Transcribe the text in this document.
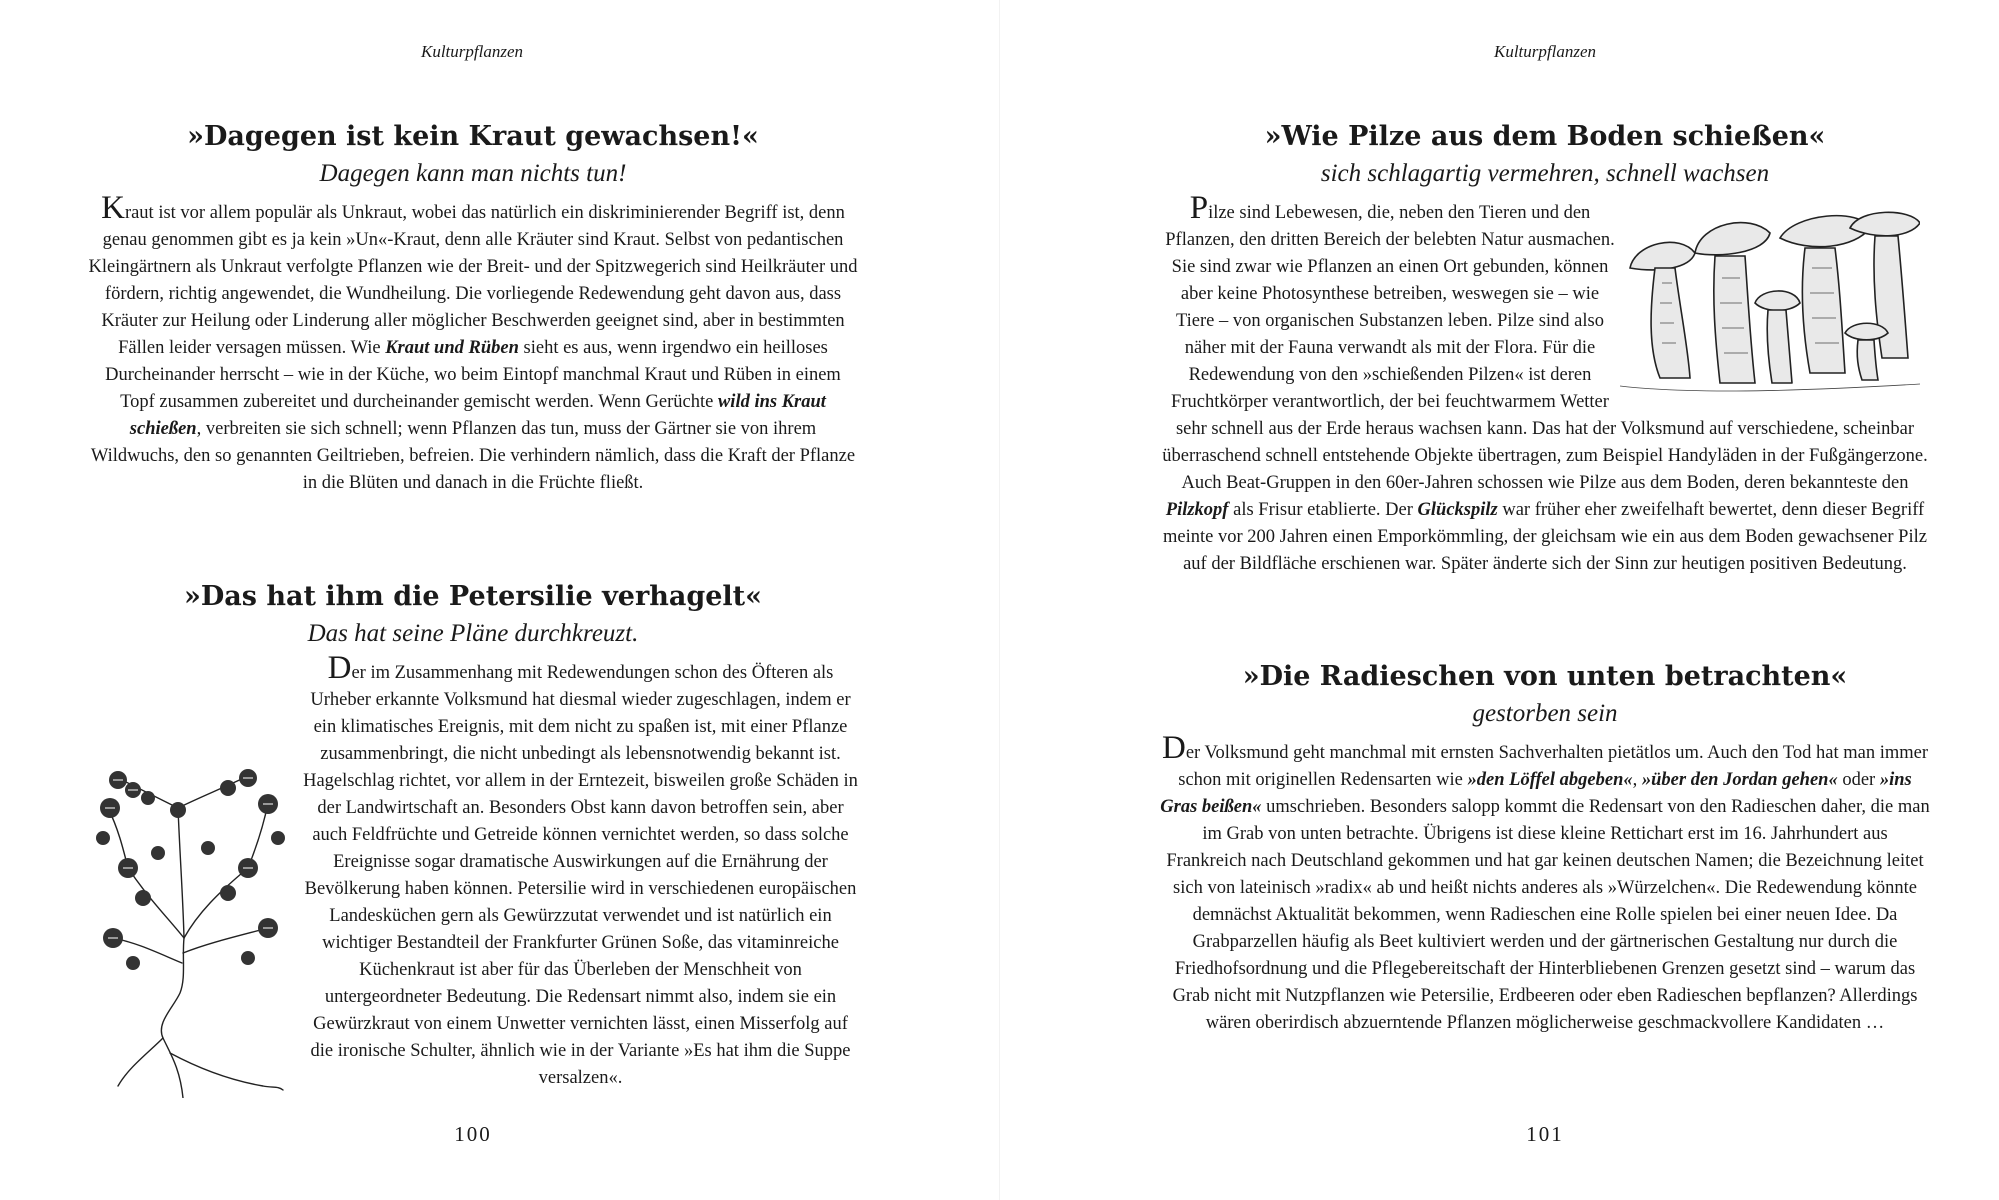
Kulturpflanzen
»Dagegen ist kein Kraut gewachsen!«
Dagegen kann man nichts tun!

Kraut ist vor allem populär als Unkraut, wobei das natürlich ein diskriminierender Begriff ist, denn genau genommen gibt es ja kein »Un«-Kraut, denn alle Kräuter sind Kraut. Selbst von pedantischen Kleingärtnern als Unkraut verfolgte Pflanzen wie der Breit- und der Spitzwegerich sind Heilkräuter und fördern, richtig angewendet, die Wundheilung. Die vorliegende Redewendung geht davon aus, dass Kräuter zur Heilung oder Linderung aller möglicher Beschwerden geeignet sind, aber in bestimmten Fällen leider versagen müssen. Wie Kraut und Rüben sieht es aus, wenn irgendwo ein heilloses Durcheinander herrscht – wie in der Küche, wo beim Eintopf manchmal Kraut und Rüben in einem Topf zusammen zubereitet und durcheinander gemischt werden. Wenn Gerüchte wild ins Kraut schießen, verbreiten sie sich schnell; wenn Pflanzen das tun, muss der Gärtner sie von ihrem Wildwuchs, den so genannten Geiltrieben, befreien. Die verhindern nämlich, dass die Kraft der Pflanze in die Blüten und danach in die Früchte fließt.

»Das hat ihm die Petersilie verhagelt«
Das hat seine Pläne durchkreuzt.
Der im Zusammenhang mit Redewendungen schon des Öfteren als Urheber erkannte Volksmund hat diesmal wieder zugeschlagen, indem er ein klimatisches Ereignis, mit dem nicht zu spaßen ist, mit einer Pflanze zusammenbringt, die nicht unbedingt als lebensnotwendig bekannt ist. Hagelschlag richtet, vor allem in der Erntezeit, bisweilen große Schäden in der Landwirtschaft an. Besonders Obst kann davon betroffen sein, aber auch Feldfrüchte und Getreide können vernichtet werden, so dass solche Ereignisse sogar dramatische Auswirkungen auf die Ernährung der Bevölkerung haben können. Petersilie wird in verschiedenen europäischen Landesküchen gern als Gewürzzutat verwendet und ist natürlich ein wichtiger Bestandteil der Frankfurter Grünen Soße, das vitaminreiche Küchenkraut ist aber für das Überleben der Menschheit von untergeordneter Bedeutung. Die Redensart nimmt also, indem sie ein Gewürzkraut von einem Unwetter vernichten lässt, einen Misserfolg auf die ironische Schulter, ähnlich wie in der Variante »Es hat ihm die Suppe versalzen«.
100
Kulturpflanzen
»Wie Pilze aus dem Boden schießen«
sich schlagartig vermehren, schnell wachsen
Pilze sind Lebewesen, die, neben den Tieren und den Pflanzen, den dritten Bereich der belebten Natur ausmachen. Sie sind zwar wie Pflanzen an einen Ort gebunden, können aber keine Photosynthese betreiben, weswegen sie – wie Tiere – von organischen Substanzen leben. Pilze sind also näher mit der Fauna verwandt als mit der Flora. Für die Redewendung von den »schießenden Pilzen« ist deren Fruchtkörper verantwortlich, der bei feuchtwarmem Wetter sehr schnell aus der Erde heraus wachsen kann. Das hat der Volksmund auf verschiedene, scheinbar überraschend schnell entstehende Objekte übertragen, zum Beispiel Handyläden in der Fußgängerzone. Auch Beat-Gruppen in den 60er-Jahren schossen wie Pilze aus dem Boden, deren bekannteste den Pilzkopf als Frisur etablierte. Der Glückspilz war früher eher zweifelhaft bewertet, denn dieser Begriff meinte vor 200 Jahren einen Emporkömmling, der gleichsam wie ein aus dem Boden gewachsener Pilz auf der Bildfläche erschienen war. Später änderte sich der Sinn zur heutigen positiven Bedeutung.
»Die Radieschen von unten betrachten«
gestorben sein

Der Volksmund geht manchmal mit ernsten Sachverhalten pietätlos um. Auch den Tod hat man immer schon mit originellen Redensarten wie »den Löffel abgeben«, »über den Jordan gehen« oder »ins Gras beißen« umschrieben. Besonders salopp kommt die Redensart von den Radieschen daher, die man im Grab von unten betrachte. Übrigens ist diese kleine Rettichart erst im 16. Jahrhundert aus Frankreich nach Deutschland gekommen und hat gar keinen deutschen Namen; die Bezeichnung leitet sich von lateinisch »radix« ab und heißt nichts anderes als »Würzelchen«. Die Redewendung könnte demnächst Aktualität bekommen, wenn Radieschen eine Rolle spielen bei einer neuen Idee. Da Grabparzellen häufig als Beet kultiviert werden und der gärtnerischen Gestaltung nur durch die Friedhofsordnung und die Pflegebereitschaft der Hinterbliebenen Grenzen gesetzt sind – warum das Grab nicht mit Nutzpflanzen wie Petersilie, Erdbeeren oder eben Radieschen bepflanzen? Allerdings wären oberirdisch abzuerntende Pflanzen möglicherweise geschmackvollere Kandidaten …

101
